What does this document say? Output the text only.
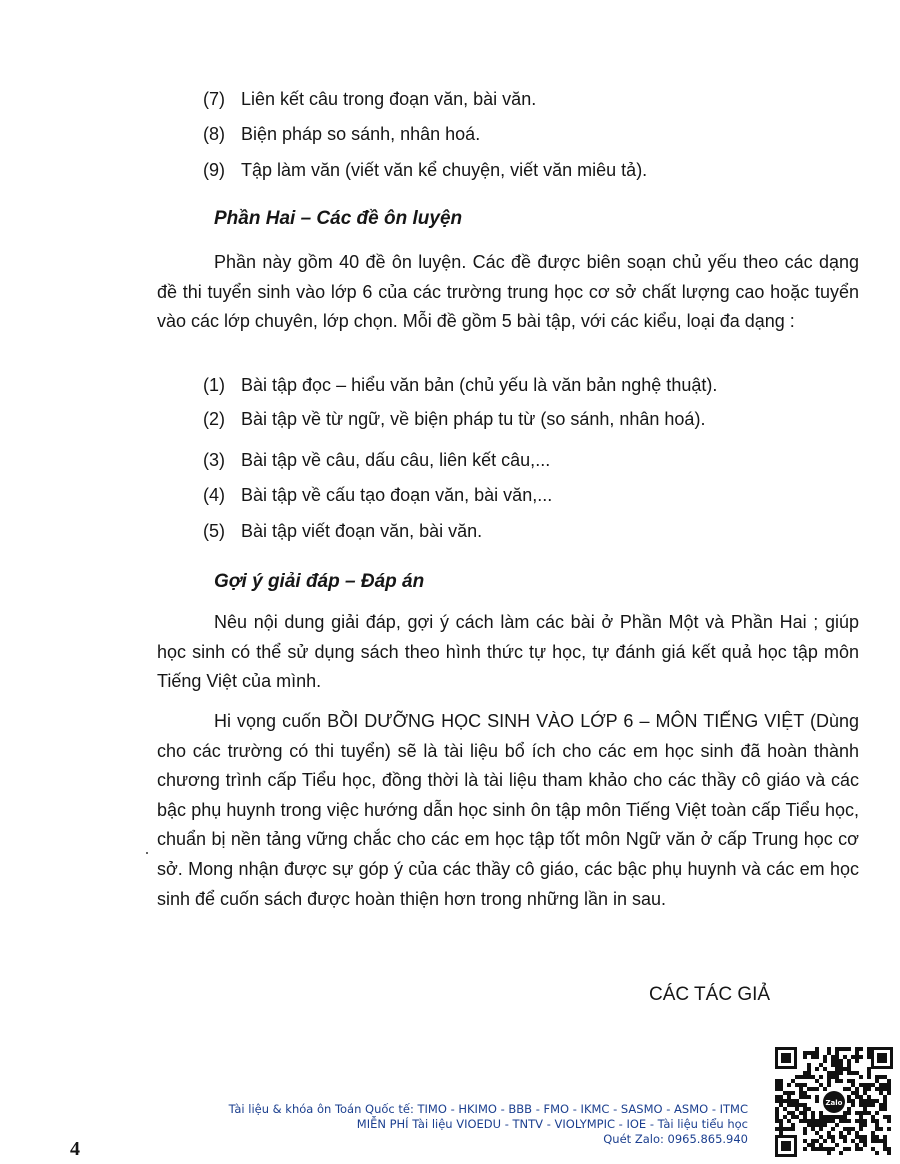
(7) Liên kết câu trong đoạn văn, bài văn.
(8) Biện pháp so sánh, nhân hoá.
(9) Tập làm văn (viết văn kể chuyện, viết văn miêu tả).
Phần Hai – Các đề ôn luyện

Phần này gồm 40 đề ôn luyện. Các đề được biên soạn chủ yếu theo các dạng đề thi tuyển sinh vào lớp 6 của các trường trung học cơ sở chất lượng cao hoặc tuyển vào các lớp chuyên, lớp chọn. Mỗi đề gồm 5 bài tập, với các kiểu, loại đa dạng :

(1) Bài tập đọc – hiểu văn bản (chủ yếu là văn bản nghệ thuật).
(2) Bài tập về từ ngữ, về biện pháp tu từ (so sánh, nhân hoá).
(3) Bài tập về câu, dấu câu, liên kết câu,...
(4) Bài tập về cấu tạo đoạn văn, bài văn,...
(5) Bài tập viết đoạn văn, bài văn.
Gợi ý giải đáp – Đáp án

Nêu nội dung giải đáp, gợi ý cách làm các bài ở Phần Một và Phần Hai ; giúp học sinh có thể sử dụng sách theo hình thức tự học, tự đánh giá kết quả học tập môn Tiếng Việt của mình.

Hi vọng cuốn BỒI DƯỠNG HỌC SINH VÀO LỚP 6 – MÔN TIẾNG VIỆT (Dùng cho các trường có thi tuyển) sẽ là tài liệu bổ ích cho các em học sinh đã hoàn thành chương trình cấp Tiểu học, đồng thời là tài liệu tham khảo cho các thầy cô giáo và các bậc phụ huynh trong việc hướng dẫn học sinh ôn tập môn Tiếng Việt toàn cấp Tiểu học, chuẩn bị nền tảng vững chắc cho các em học tập tốt môn Ngữ văn ở cấp Trung học cơ sở. Mong nhận được sự góp ý của các thầy cô giáo, các bậc phụ huynh và các em học sinh để cuốn sách được hoàn thiện hơn trong những lần in sau.

CÁC TÁC GIẢ
Tài liệu & khóa ôn Toán Quốc tế: TIMO - HKIMO - BBB - FMO - IKMC - SASMO - ASMO - ITMC
MIỄN PHÍ Tài liệu VIOEDU - TNTV - VIOLYMPIC - IOE - Tài liệu tiểu học
Quét Zalo: 0965.865.940
4
Zalo
